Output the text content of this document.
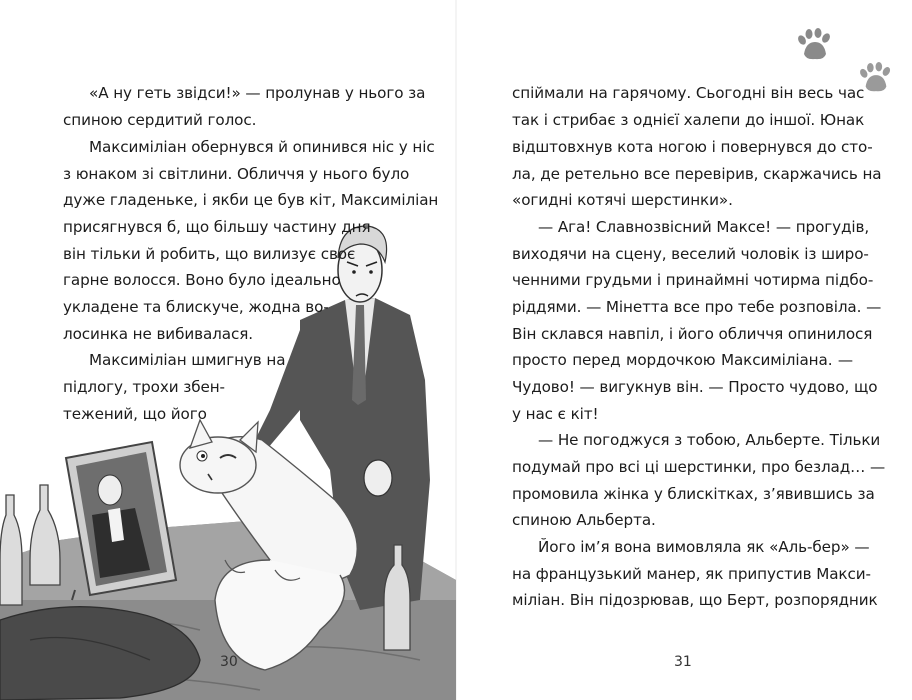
«А ну геть звідси!» — пролунав у нього за
спиною сердитий голос.
Максиміліан обернувся й опинився ніс у ніс
з юнаком зі світлини. Обличчя у нього було
дуже гладеньке, і якби це був кіт, Максиміліан
присягнувся б, що більшу частину дня
він тільки й робить, що вилизує своє
гарне волосся. Воно було ідеально
укладене та блискуче, жодна во-
лосинка не вибивалася.
Максиміліан шмигнув на
підлогу, трохи збен-
тежений, що його
30
спіймали на гарячому. Сьогодні він весь час
так і стрибає з однієї халепи до іншої. Юнак
відштовхнув кота ногою і повернувся до сто-
ла, де ретельно все перевірив, скаржачись на
«огидні котячі шерстинки».
— Ага! Славнозвісний Максе! — прогудів,
виходячи на сцену, веселий чоловік із широ-
ченними грудьми і принаймні чотирма підбо-
ріддями. — Мінетта все про тебе розповіла. —
Він склався навпіл, і його обличчя опинилося
просто перед мордочкою Максиміліана. —
Чудово! — вигукнув він. — Просто чудово, що
у нас є кіт!
— Не погоджуся з тобою, Альберте. Тільки
подумай про всі ці шерстинки, про безлад… —
промовила жінка у блискітках, з’явившись за
спиною Альберта.
Його ім’я вона вимовляла як «Аль-бер» —
на французький манер, як припустив Макси-
міліан. Він підозрював, що Берт, розпорядник
31
